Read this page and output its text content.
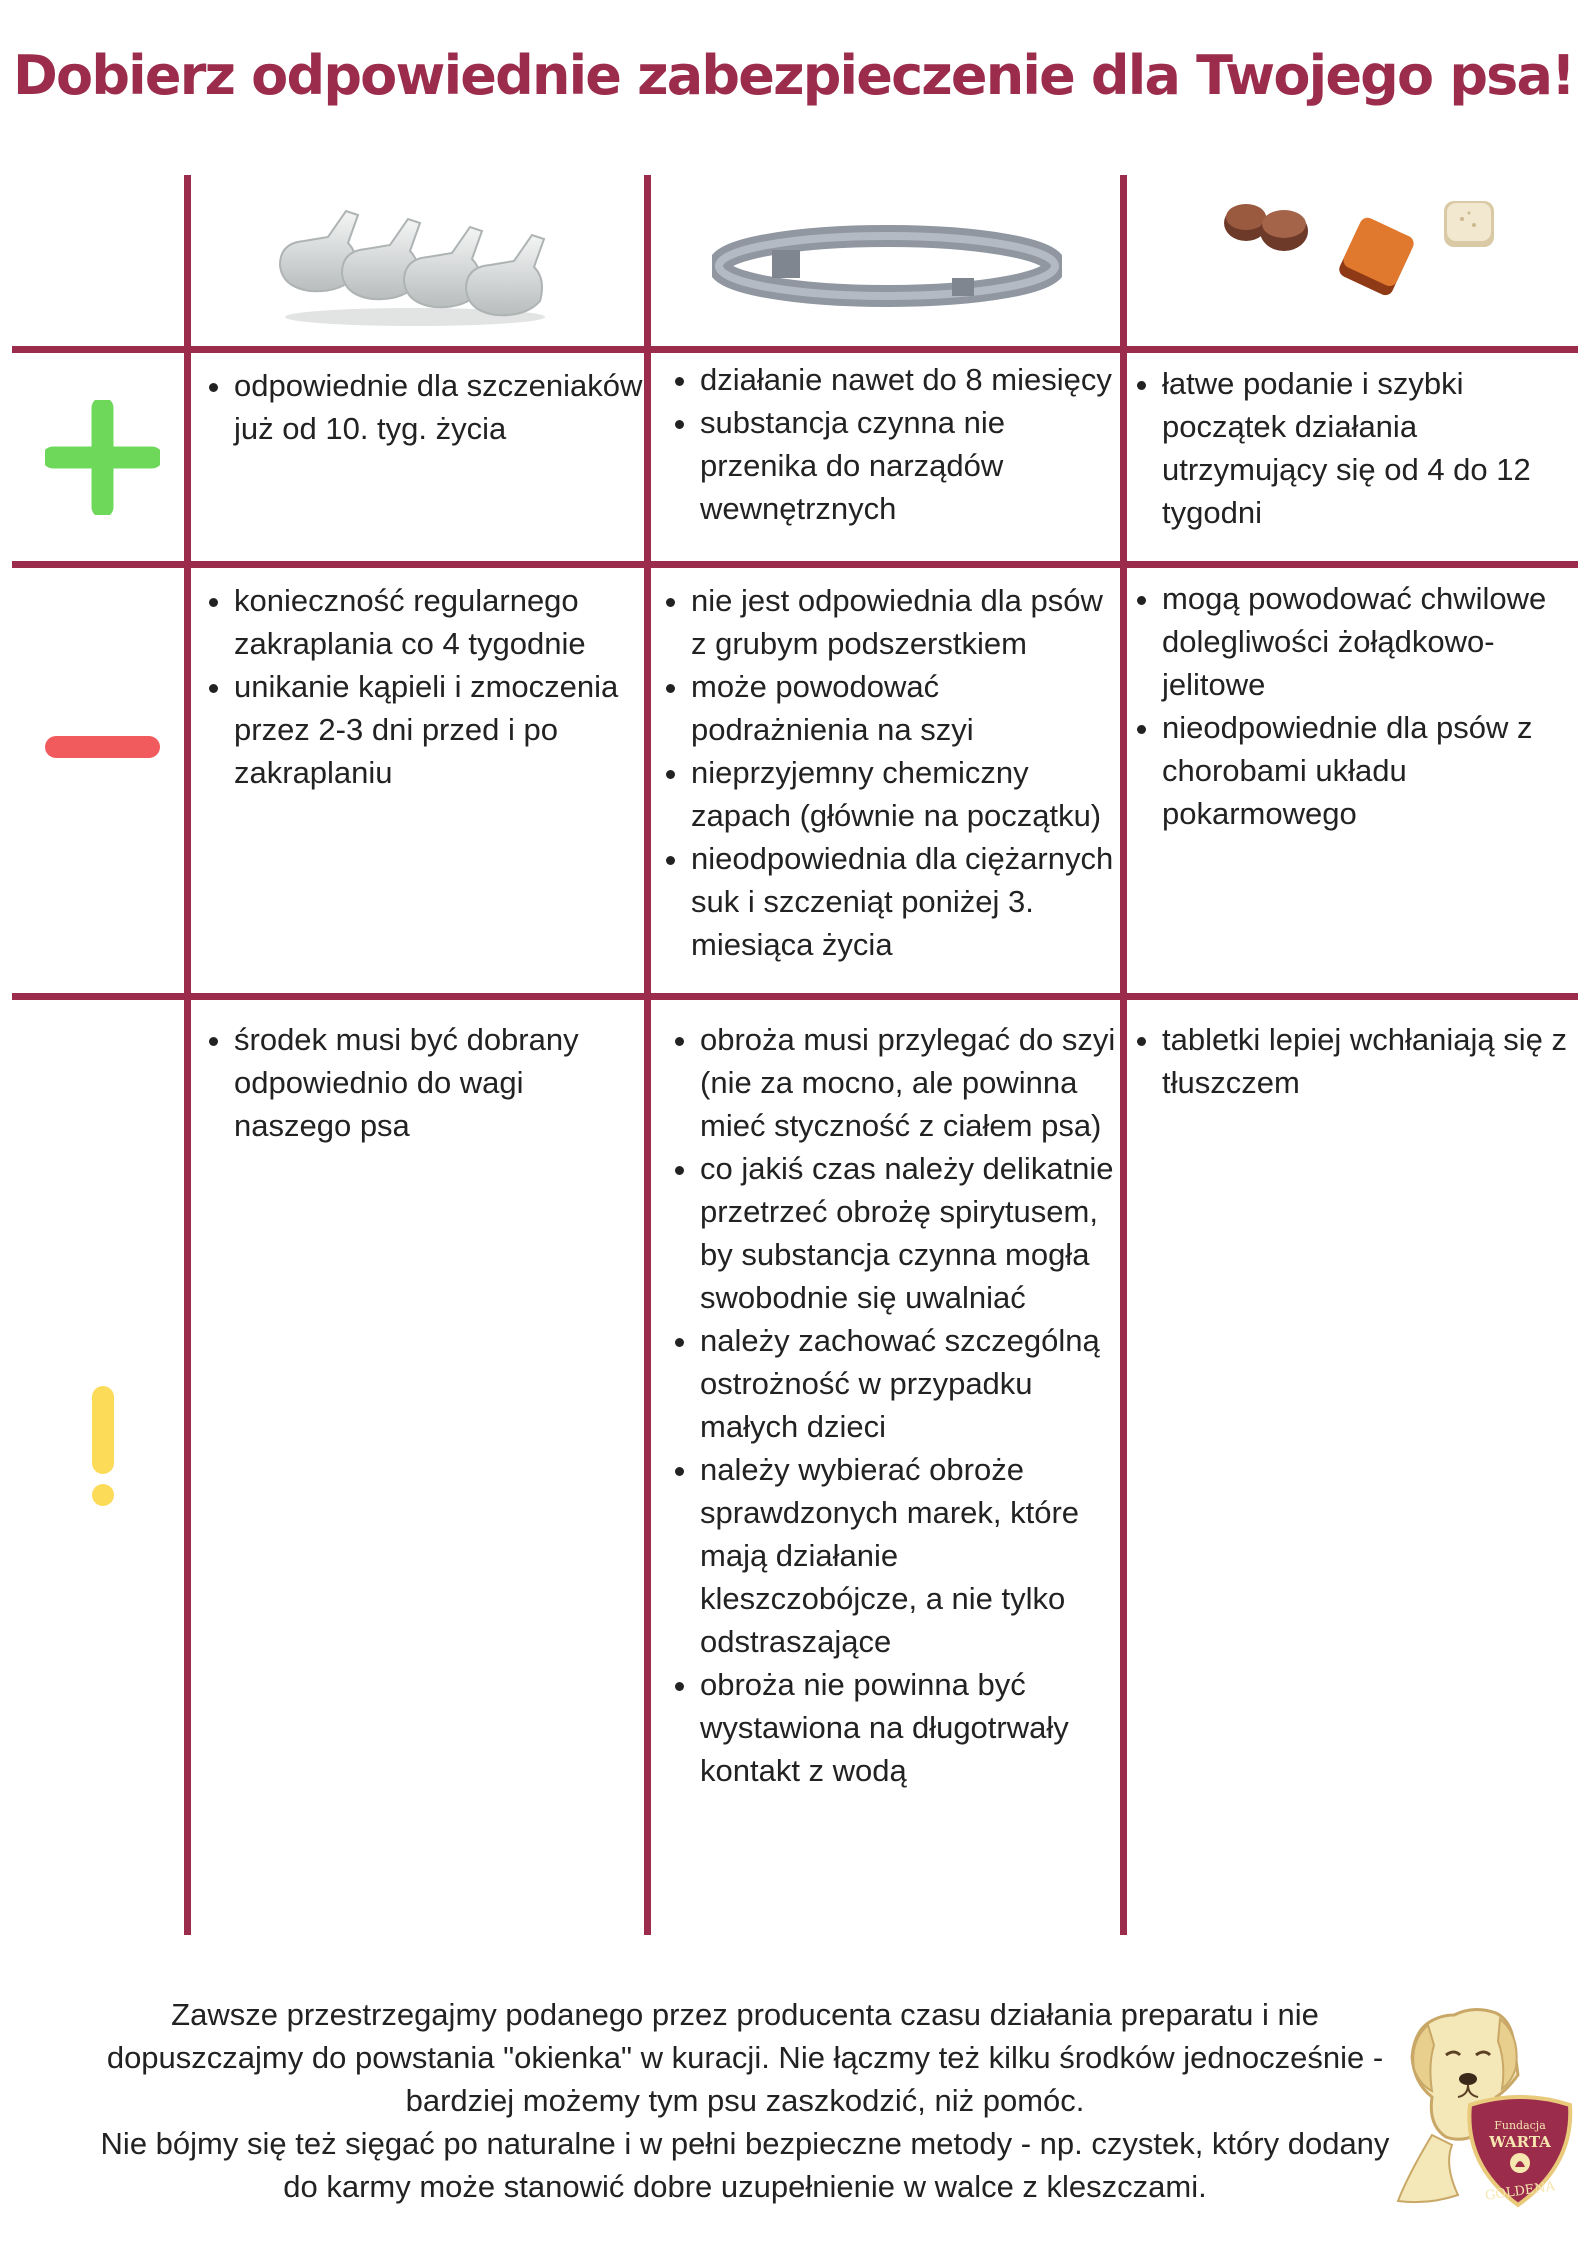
Dobierz odpowiednie zabezpieczenie dla Twojego psa!
• odpowiednie dla szczeniaków już od 10. tyg. życia
• działanie nawet do 8 miesięcy
• substancja czynna nie przenika do narządów wewnętrznych
• łatwe podanie i szybki początek działania utrzymujący się od 4 do 12 tygodni
• konieczność regularnego zakraplania co 4 tygodnie
• unikanie kąpieli i zmoczenia przez 2-3 dni przed i po zakraplaniu
• nie jest odpowiednia dla psów z grubym podszerstkiem
• może powodować podrażnienia na szyi
• nieprzyjemny chemiczny zapach (głównie na początku)
• nieodpowiednia dla ciężarnych suk i szczeniąt poniżej 3. miesiąca życia
• mogą powodować chwilowe dolegliwości żołądkowo-jelitowe
• nieodpowiednie dla psów z chorobami układu pokarmowego
• środek musi być dobrany odpowiednio do wagi naszego psa
• obroża musi przylegać do szyi (nie za mocno, ale powinna mieć styczność z ciałem psa)
• co jakiś czas należy delikatnie przetrzeć obrożę spirytusem, by substancja czynna mogła swobodnie się uwalniać
• należy zachować szczególną ostrożność w przypadku małych dzieci
• należy wybierać obroże sprawdzonych marek, które mają działanie kleszczobójcze, a nie tylko odstraszające
• obroża nie powinna być wystawiona na długotrwały kontakt z wodą
• tabletki lepiej wchłaniają się z tłuszczem

Zawsze przestrzegajmy podanego przez producenta czasu działania preparatu i nie dopuszczajmy do powstania "okienka" w kuracji. Nie łączmy też kilku środków jednocześnie - bardziej możemy tym psu zaszkodzić, niż pomóc.

Nie bójmy się też sięgać po naturalne i w pełni bezpieczne metody - np. czystek, który dodany do karmy może stanowić dobre uzupełnienie w walce z kleszczami.

Fundacja
WARTA
GOLDENA
